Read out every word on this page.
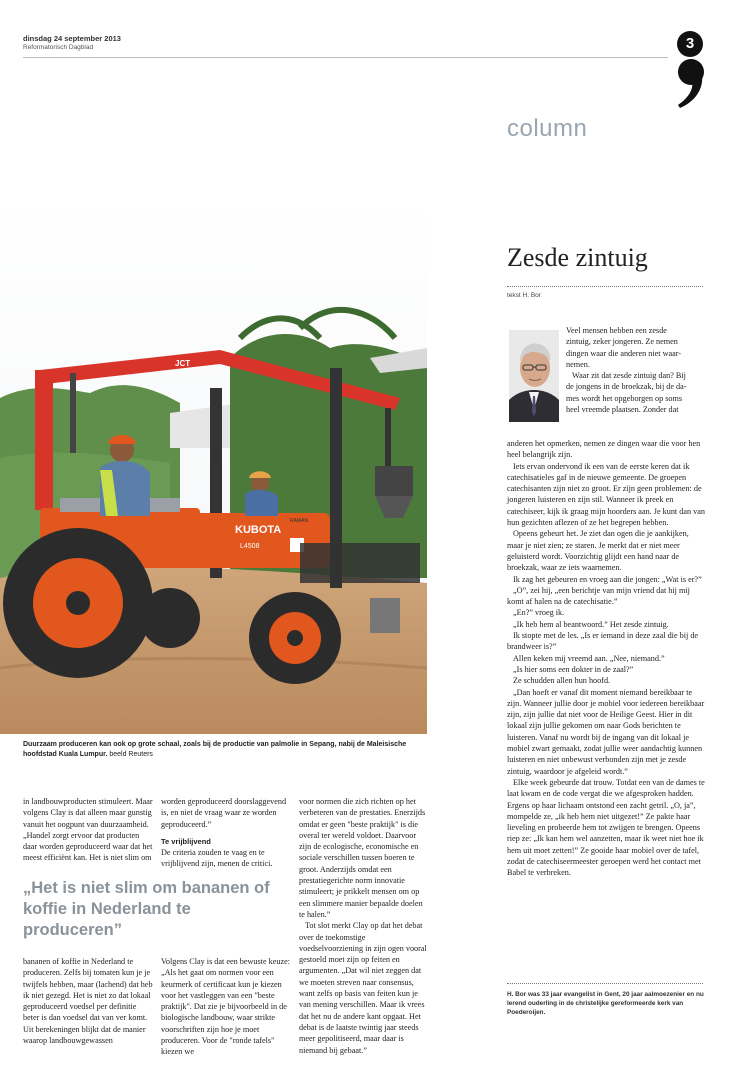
dinsdag 24 september 2013
Reformatorisch Dagblad	3
column
Zesde zintuig
tekst H. Bor
Veel mensen hebben een zesde
zintuig, zeker jongeren. Ze nemen
dingen waar die anderen niet waar-
nemen.
Waar zit dat zesde zintuig dan? Bij
de jongens in de broekzak, bij de da-
mes wordt het opgeborgen op soms
heel vreemde plaatsen. Zonder dat

anderen het opmerken, nemen ze dingen waar die voor hen heel belangrijk zijn.

Iets ervan ondervond ik een van de eerste keren dat ik catechisatieles gaf in de nieuwe gemeente. De groepen catechisanten zijn niet zo groot. Er zijn geen problemen: de jongeren luisteren en zijn stil. Wanneer ik preek en catechiseer, kijk ik graag mijn hoorders aan. Je kunt dan van hun gezichten aflezen of ze het begrepen hebben.

Opeens gebeurt het. Je ziet dan ogen die je aankijken, maar je niet zien; ze staren. Je merkt dat er niet meer geluisterd wordt. Voorzichtig glijdt een hand naar de broekzak, waar ze iets waarnemen.

Ik zag het gebeuren en vroeg aan die jongen: „Wat is er?”

„O”, zei hij, „een berichtje van mijn vriend dat hij mij komt af halen na de catechisatie.”

„En?” vroeg ik.

„Ik heb hem al beantwoord.” Het zesde zintuig.

Ik stopte met de les. „Is er iemand in deze zaal die bij de brandweer is?”

Allen keken mij vreemd aan. „Nee, niemand.”

„Is hier soms een dokter in de zaal?”

Ze schudden allen hun hoofd.

„Dan hoeft er vanaf dit moment niemand bereikbaar te zijn. Wanneer jullie door je mobiel voor iedereen bereikbaar zijn, zijn jullie dat niet voor de Heilige Geest. Hier in dit lokaal zijn jullie gekomen om naar Gods berichten te luisteren. Vanaf nu wordt bij de ingang van dit lokaal je mobiel zwart gemaakt, zodat jullie weer aandachtig kunnen luisteren en niet onbewust verbonden zijn met je zesde zintuig, waardoor je afgeleid wordt.”

Elke week gebeurde dat trouw. Totdat een van de dames te laat kwam en de code vergat die we afgesproken hadden. Ergens op haar lichaam ontstond een zacht getril. „O, ja”, mompelde ze, „ik heb hem niet uitgezet!” Ze pakte haar lieveling en probeerde hem tot zwijgen te brengen. Opeens riep ze: „Ik kan hem wel aanzetten, maar ik weet niet hoe ik hem uit moet zetten!” Ze gooide haar mobiel over de tafel, zodat de catechiseermeester geroepen werd het contact met Babel te verbreken.

H. Bor was 33 jaar evangelist in Gent, 20 jaar aalmoezenier en nu lerend ouderling in de christelijke gereformeerde kerk van Poederoijen.
JCT
KUBOTA
L4508
RAMAN
Duurzaam produceren kan ook op grote schaal, zoals bij de productie van palmolie in Sepang, nabij de Maleisische hoofdstad Kuala Lumpur. beeld Reuters

in landbouwproducten stimuleert. Maar volgens Clay is dat alleen maar gunstig vanuit het oogpunt van duurzaamheid. „Handel zorgt ervoor dat producten daar worden geproduceerd waar dat het meest efficiënt kan. Het is niet slim om

„Het is niet slim om bananen of koffie in Nederland te produceren”

bananen of koffie in Nederland te produceren. Zelfs bij tomaten kun je je twijfels hebben, maar (lachend) dat heb ik niet gezegd. Het is niet zo dat lokaal geproduceerd voedsel per definitie beter is dan voedsel dat van ver komt. Uit berekeningen blijkt dat de manier waarop landbouwgewassen

worden geproduceerd doorslaggevend is, en niet de vraag waar ze worden geproduceerd.”

Te vrijblijvend

De criteria zouden te vaag en te vrijblijvend zijn, menen de critici.

Volgens Clay is dat een bewuste keuze: „Als het gaat om normen voor een keurmerk of certificaat kun je kiezen voor het vastleggen van een "beste praktijk". Dat zie je bijvoorbeeld in de biologische landbouw, waar strikte voorschriften zijn hoe je moet produceren. Voor de "ronde tafels" kiezen we

voor normen die zich richten op het verbeteren van de prestaties. Enerzijds omdat er geen "beste praktijk" is die overal ter wereld voldoet. Daarvoor zijn de ecologische, economische en sociale verschillen tussen boeren te groot. Anderzijds omdat een prestatiegerichte norm innovatie stimuleert; je prikkelt mensen om op een slimmere manier bepaalde doelen te halen.”

Tot slot merkt Clay op dat het debat over de toekomstige voedselvoorziening in zijn ogen vooral gestoeld moet zijn op feiten en argumenten. „Dat wil niet zeggen dat we moeten streven naar consensus, want zelfs op basis van feiten kun je van mening verschillen. Maar ik vrees dat het nu de andere kant opgaat. Het debat is de laatste twintig jaar steeds meer gepolitiseerd, maar daar is niemand bij gebaat.”
